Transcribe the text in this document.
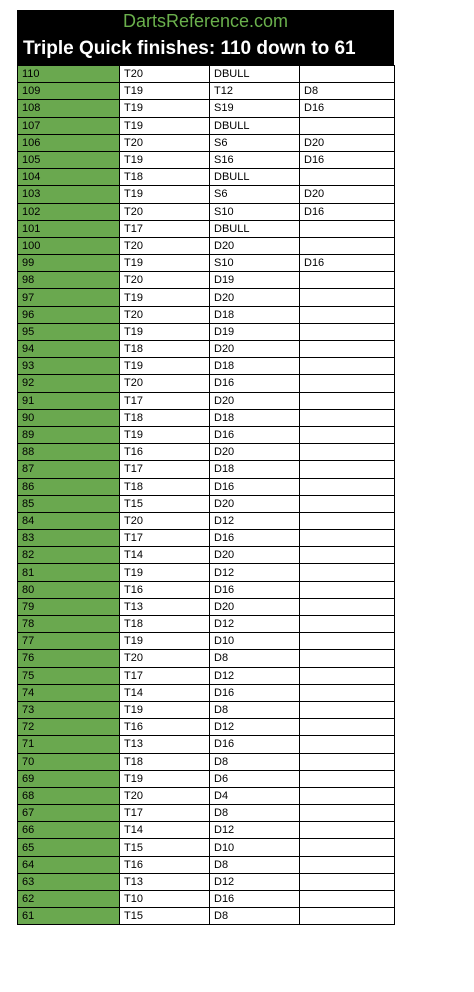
DartsReference.com
Triple Quick finishes: 110 down to 61
110	T20	DBULL	
109	T19	T12	D8
108	T19	S19	D16
107	T19	DBULL	
106	T20	S6	D20
105	T19	S16	D16
104	T18	DBULL	
103	T19	S6	D20
102	T20	S10	D16
101	T17	DBULL	
100	T20	D20	
99	T19	S10	D16
98	T20	D19	
97	T19	D20	
96	T20	D18	
95	T19	D19	
94	T18	D20	
93	T19	D18	
92	T20	D16	
91	T17	D20	
90	T18	D18	
89	T19	D16	
88	T16	D20	
87	T17	D18	
86	T18	D16	
85	T15	D20	
84	T20	D12	
83	T17	D16	
82	T14	D20	
81	T19	D12	
80	T16	D16	
79	T13	D20	
78	T18	D12	
77	T19	D10	
76	T20	D8	
75	T17	D12	
74	T14	D16	
73	T19	D8	
72	T16	D12	
71	T13	D16	
70	T18	D8	
69	T19	D6	
68	T20	D4	
67	T17	D8	
66	T14	D12	
65	T15	D10	
64	T16	D8	
63	T13	D12	
62	T10	D16	
61	T15	D8	
